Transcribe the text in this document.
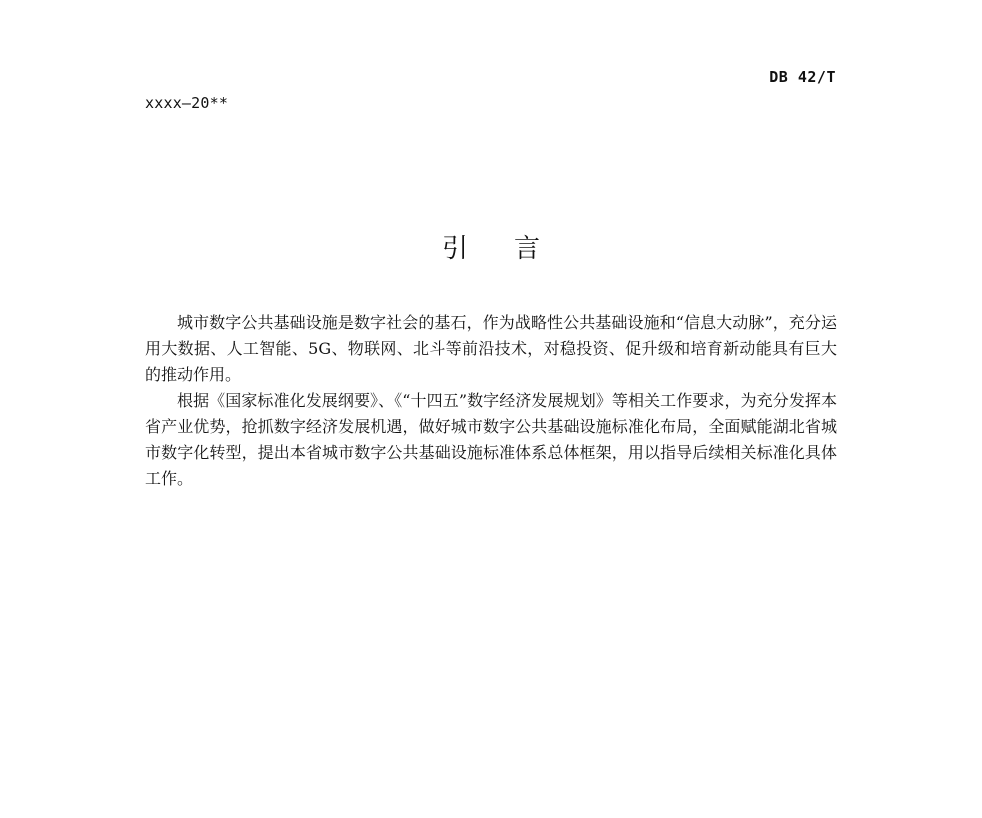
DB 42/T
xxxx—20**
引言

城市数字公共基础设施是数字社会的基石，作为战略性公共基础设施和“信息大动脉”，充分运用大数据、人工智能、5G、物联网、北斗等前沿技术，对稳投资、促升级和培育新动能具有巨大的推动作用。

根据《国家标准化发展纲要》、《“十四五”数字经济发展规划》等相关工作要求，为充分发挥本省产业优势，抢抓数字经济发展机遇，做好城市数字公共基础设施标准化布局，全面赋能湖北省城市数字化转型，提出本省城市数字公共基础设施标准体系总体框架，用以指导后续相关标准化具体工作。
